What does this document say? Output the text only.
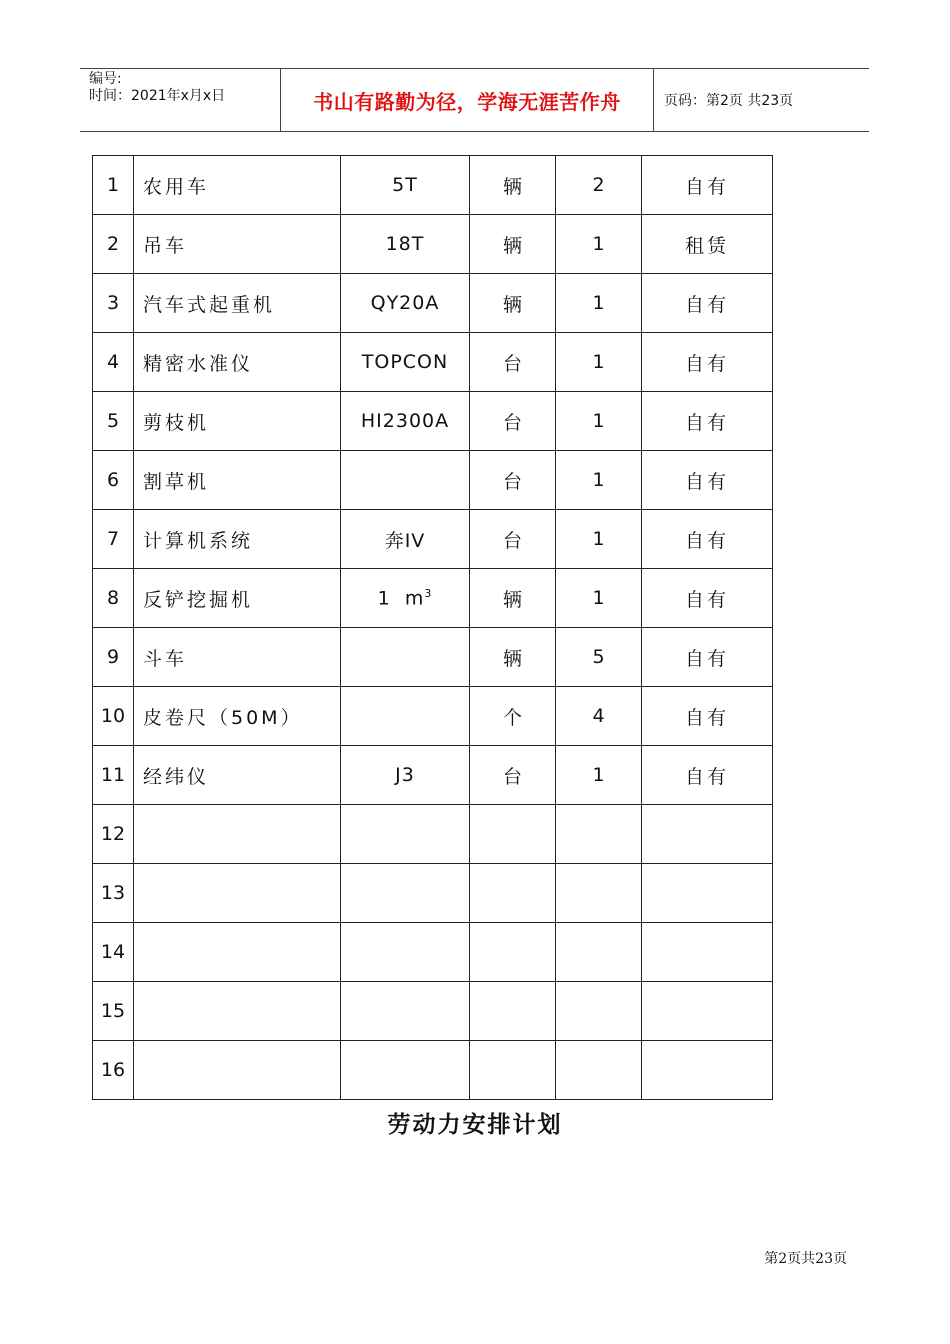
编号:
时间：2021年x月x日	书山有路勤为径，学海无涯苦作舟	页码：第2页 共23页
1	农用车	5T	辆	2	自有
2	吊车	18T	辆	1	租赁
3	汽车式起重机	QY20A	辆	1	自有
4	精密水准仪	TOPCON	台	1	自有
5	剪枝机	HI2300A	台	1	自有
6	割草机		台	1	自有
7	计算机系统	奔IV	台	1	自有
8	反铲挖掘机	1  $m^3$	辆	1	自有
9	斗车		辆	5	自有
10	皮卷尺（50M）		个	4	自有
11	经纬仪	J3	台	1	自有
12					
13					
14					
15					
16					
劳动力安排计划
第2页共23页
